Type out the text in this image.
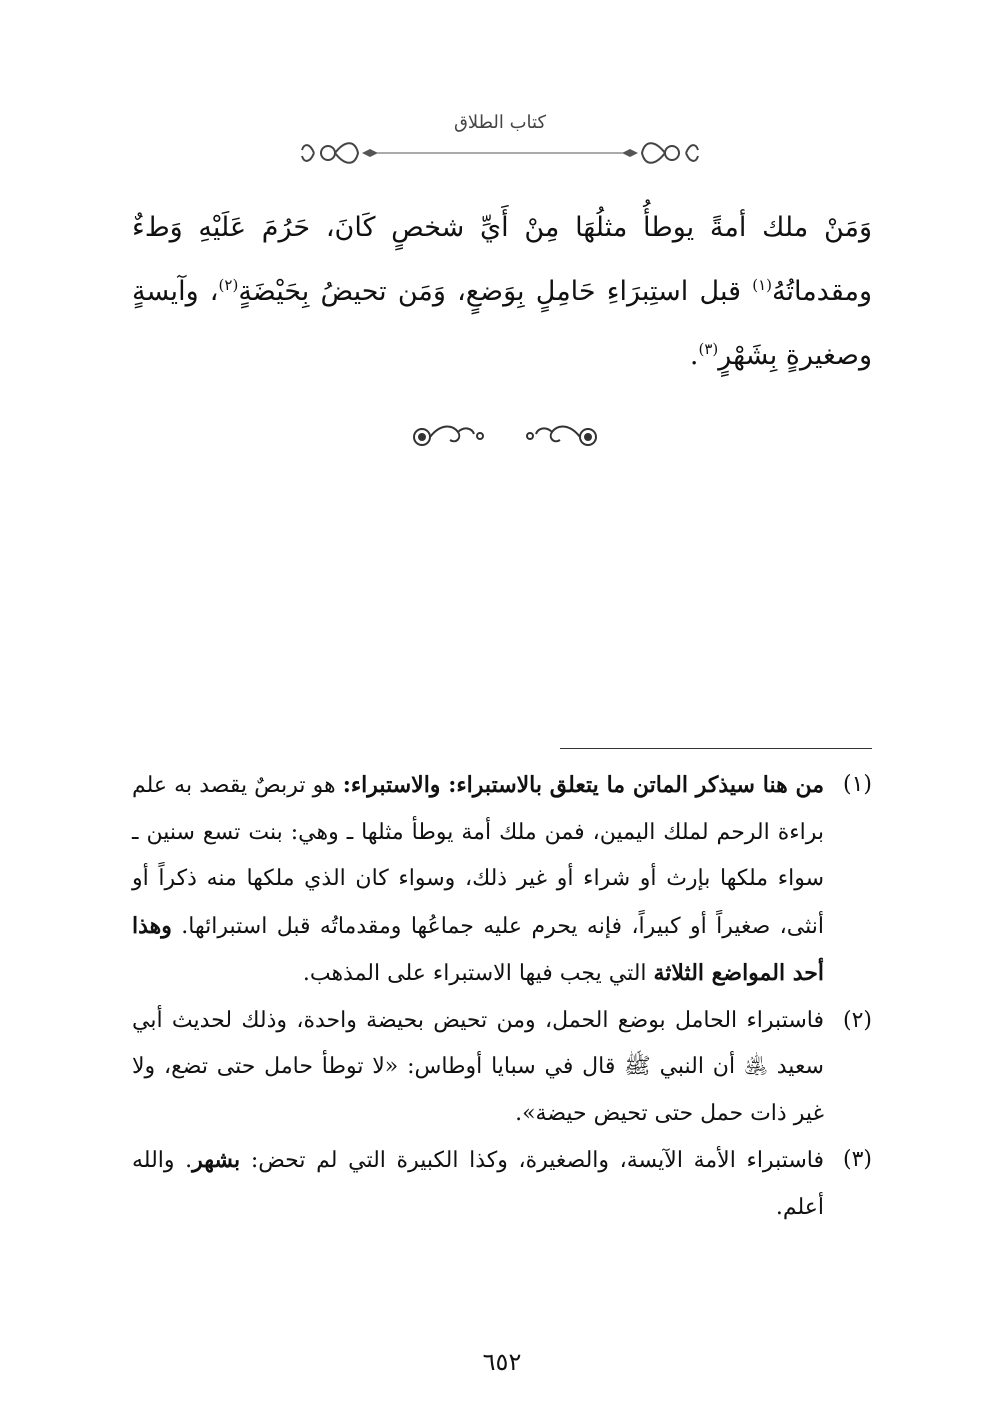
كتاب الطلاق
وَمَنْ ملك أمةً يوطأُ مثلُهَا مِنْ أَيِّ شخصٍ كَانَ، حَرُمَ عَلَيْهِ وَطءٌ ومقدماتُهُ$^{(١)}$ قبل استِبرَاءِ حَامِلٍ بِوَضعٍ، وَمَن تحيضُ بِحَيْضَةٍ$^{(٢)}$، وآيسةٍ وصغيرةٍ بِشَهْرٍ$^{(٣)}$.
(١)
من هنا سيذكر الماتن ما يتعلق بالاستبراء: والاستبراء: هو تربصٌ يقصد به علم براءة الرحم لملك اليمين، فمن ملك أمة يوطأ مثلها ـ وهي: بنت تسع سنين ـ سواء ملكها بإرث أو شراء أو غير ذلك، وسواء كان الذي ملكها منه ذكراً أو أنثى، صغيراً أو كبيراً، فإنه يحرم عليه جماعُها ومقدماتُه قبل استبرائها. وهذا أحد المواضع الثلاثة التي يجب فيها الاستبراء على المذهب.
(٢)
فاستبراء الحامل بوضع الحمل، ومن تحيض بحيضة واحدة، وذلك لحديث أبي سعيد ﵁ أن النبي ﷺ قال في سبايا أوطاس: «لا توطأ حامل حتى تضع، ولا غير ذات حمل حتى تحيض حيضة».
(٣)
فاستبراء الأمة الآيسة، والصغيرة، وكذا الكبيرة التي لم تحض: بشهر. والله أعلم.
٦٥٢
